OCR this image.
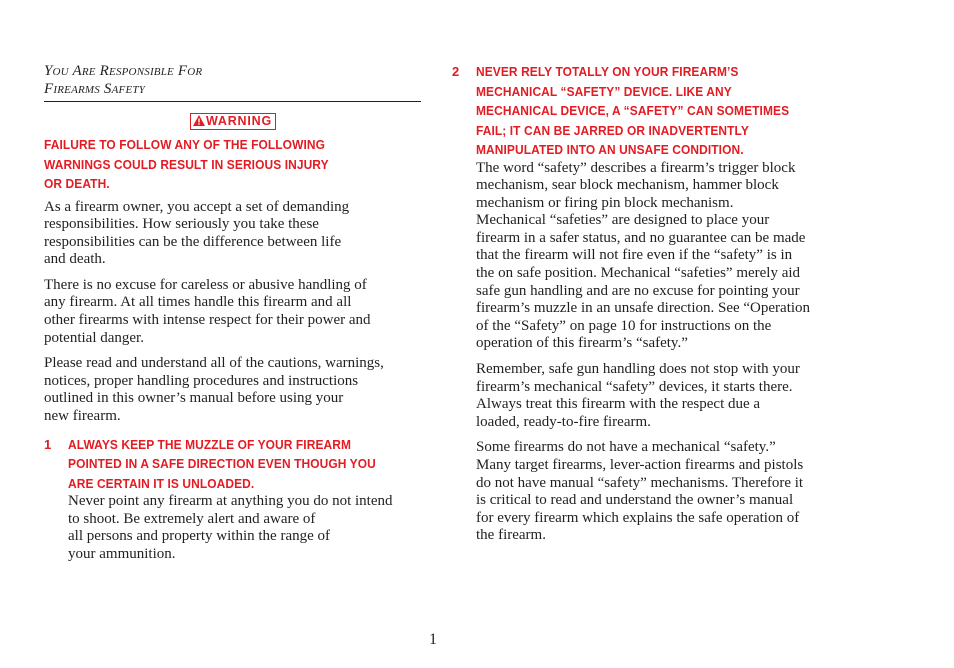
You Are Responsible For
Firearms Safety
WARNING
FAILURE TO FOLLOW ANY OF THE FOLLOWING
WARNINGS COULD RESULT IN SERIOUS INJURY
OR DEATH.

As a firearm owner, you accept a set of demanding
responsibilities. How seriously you take these
responsibilities can be the difference between life
and death.

There is no excuse for careless or abusive handling of
any firearm. At all times handle this firearm and all
other firearms with intense respect for their power and
potential danger.

Please read and understand all of the cautions, warnings,
notices, proper handling procedures and instructions
outlined in this owner’s manual before using your
new firearm.

1 ALWAYS KEEP THE MUZZLE OF YOUR FIREARM
POINTED IN A SAFE DIRECTION EVEN THOUGH YOU
ARE CERTAIN IT IS UNLOADED.

Never point any firearm at anything you do not intend
to shoot. Be extremely alert and aware of
all persons and property within the range of
your ammunition.

2 NEVER RELY TOTALLY ON YOUR FIREARM’S
MECHANICAL “SAFETY” DEVICE. LIKE ANY
MECHANICAL DEVICE, A “SAFETY” CAN SOMETIMES
FAIL; IT CAN BE JARRED OR INADVERTENTLY
MANIPULATED INTO AN UNSAFE CONDITION.

The word “safety” describes a firearm’s trigger block
mechanism, sear block mechanism, hammer block
mechanism or firing pin block mechanism.
Mechanical “safeties” are designed to place your
firearm in a safer status, and no guarantee can be made
that the firearm will not fire even if the “safety” is in
the on safe position. Mechanical “safeties” merely aid
safe gun handling and are no excuse for pointing your
firearm’s muzzle in an unsafe direction. See “Operation
of the “Safety” on page 10 for instructions on the
operation of this firearm’s “safety.”

Remember, safe gun handling does not stop with your
firearm’s mechanical “safety” devices, it starts there.
Always treat this firearm with the respect due a
loaded, ready-to-fire firearm.

Some firearms do not have a mechanical “safety.”
Many target firearms, lever-action firearms and pistols
do not have manual “safety” mechanisms. Therefore it
is critical to read and understand the owner’s manual
for every firearm which explains the safe operation of
the firearm.

1
